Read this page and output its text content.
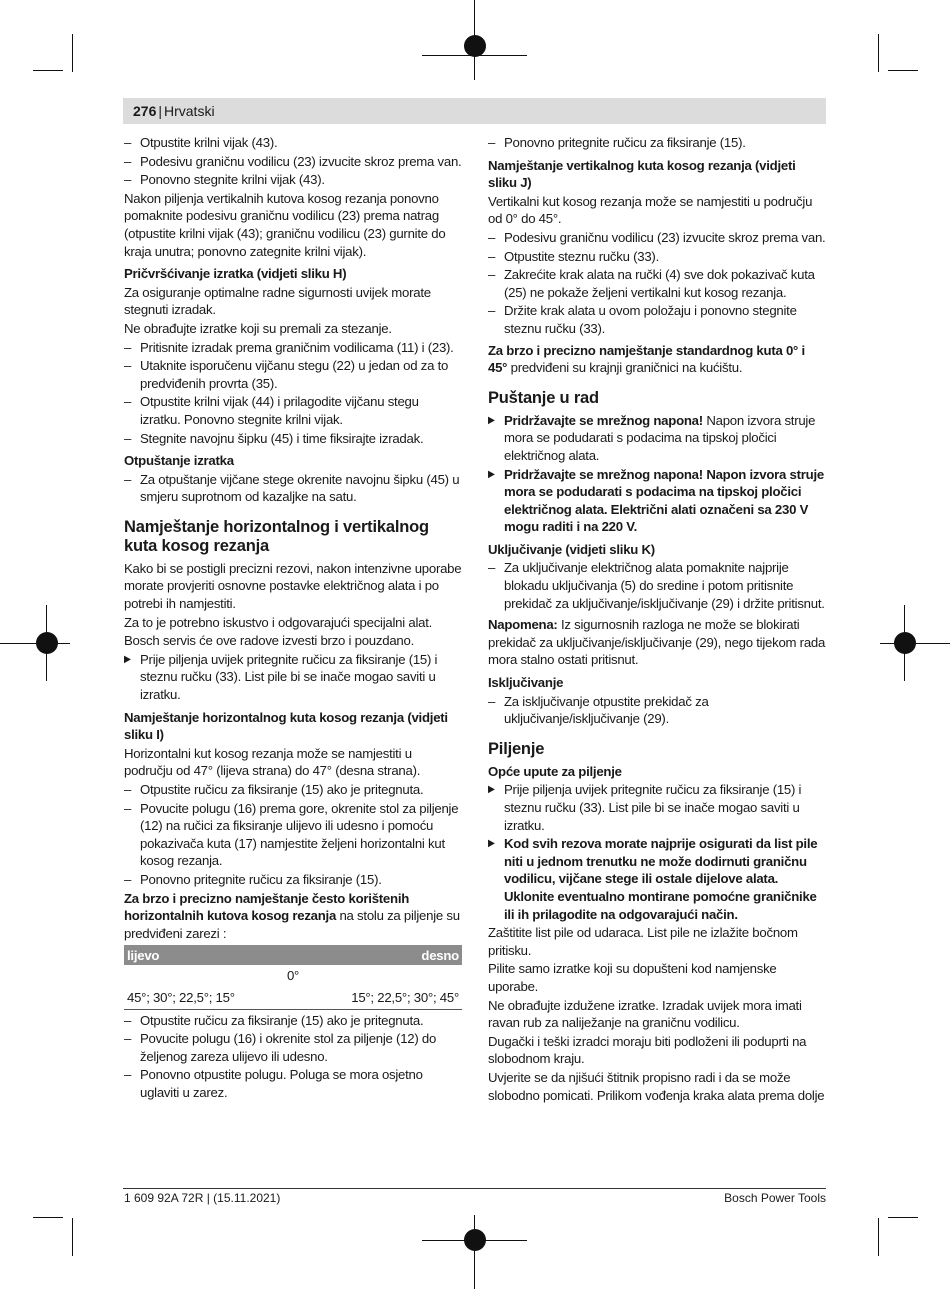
276 | Hrvatski

– Otpustite krilni vijak (43).

– Podesivu graničnu vodilicu (23) izvucite skroz prema van.

– Ponovno stegnite krilni vijak (43).

Nakon piljenja vertikalnih kutova kosog rezanja ponovno pomaknite podesivu graničnu vodilicu (23) prema natrag (otpustite krilni vijak (43); graničnu vodilicu (23) gurnite do kraja unutra; ponovno zategnite krilni vijak).

Pričvršćivanje izratka (vidjeti sliku H)

Za osiguranje optimalne radne sigurnosti uvijek morate stegnuti izradak.

Ne obrađujte izratke koji su premali za stezanje.

– Pritisnite izradak prema graničnim vodilicama (11) i (23).

– Utaknite isporučenu vijčanu stegu (22) u jedan od za to predviđenih provrta (35).

– Otpustite krilni vijak (44) i prilagodite vijčanu stegu izratku. Ponovno stegnite krilni vijak.

– Stegnite navojnu šipku (45) i time fiksirajte izradak.

Otpuštanje izratka

– Za otpuštanje vijčane stege okrenite navojnu šipku (45) u smjeru suprotnom od kazaljke na satu.

Namještanje horizontalnog i vertikalnog kuta kosog rezanja

Kako bi se postigli precizni rezovi, nakon intenzivne uporabe morate provjeriti osnovne postavke električnog alata i po potrebi ih namjestiti.

Za to je potrebno iskustvo i odgovarajući specijalni alat.

Bosch servis će ove radove izvesti brzo i pouzdano.

▶ Prije piljenja uvijek pritegnite ručicu za fiksiranje (15) i steznu ručku (33). List pile bi se inače mogao saviti u izratku.

Namještanje horizontalnog kuta kosog rezanja (vidjeti sliku I)

Horizontalni kut kosog rezanja može se namjestiti u području od 47° (lijeva strana) do 47° (desna strana).

– Otpustite ručicu za fiksiranje (15) ako je pritegnuta.

– Povucite polugu (16) prema gore, okrenite stol za piljenje (12) na ručici za fiksiranje ulijevo ili udesno i pomoću pokazivača kuta (17) namjestite željeni horizontalni kut kosog rezanja.

– Ponovno pritegnite ručicu za fiksiranje (15).

Za brzo i precizno namještanje često korištenih horizontalnih kutova kosog rezanja na stolu za piljenje su predviđeni zarezi :

lijevo	desno
0°	
45°; 30°; 22,5°; 15°	15°; 22,5°; 30°; 45°

– Otpustite ručicu za fiksiranje (15) ako je pritegnuta.

– Povucite polugu (16) i okrenite stol za piljenje (12) do željenog zareza ulijevo ili udesno.

– Ponovno otpustite polugu. Poluga se mora osjetno uglaviti u zarez.

– Ponovno pritegnite ručicu za fiksiranje (15).

Namještanje vertikalnog kuta kosog rezanja (vidjeti sliku J)

Vertikalni kut kosog rezanja može se namjestiti u području od 0° do 45°.

– Podesivu graničnu vodilicu (23) izvucite skroz prema van.

– Otpustite steznu ručku (33).

– Zakrećite krak alata na ručki (4) sve dok pokazivač kuta (25) ne pokaže željeni vertikalni kut kosog rezanja.

– Držite krak alata u ovom položaju i ponovno stegnite steznu ručku (33).

Za brzo i precizno namještanje standardnog kuta 0° i 45° predviđeni su krajnji graničnici na kućištu.

Puštanje u rad

▶ Pridržavajte se mrežnog napona! Napon izvora struje mora se podudarati s podacima na tipskoj pločici električnog alata.

▶ Pridržavajte se mrežnog napona! Napon izvora struje mora se podudarati s podacima na tipskoj pločici električnog alata. Električni alati označeni sa 230 V mogu raditi i na 220 V.

Uključivanje (vidjeti sliku K)

– Za uključivanje električnog alata pomaknite najprije blokadu uključivanja (5) do sredine i potom pritisnite prekidač za uključivanje/isključivanje (29) i držite pritisnut.

Napomena: Iz sigurnosnih razloga ne može se blokirati prekidač za uključivanje/isključivanje (29), nego tijekom rada mora stalno ostati pritisnut.

Isključivanje

– Za isključivanje otpustite prekidač za uključivanje/isključivanje (29).

Piljenje

Opće upute za piljenje

▶ Prije piljenja uvijek pritegnite ručicu za fiksiranje (15) i steznu ručku (33). List pile bi se inače mogao saviti u izratku.

▶ Kod svih rezova morate najprije osigurati da list pile niti u jednom trenutku ne može dodirnuti graničnu vodilicu, vijčane stege ili ostale dijelove alata. Uklonite eventualno montirane pomoćne graničnike ili ih prilagodite na odgovarajući način.

Zaštitite list pile od udaraca. List pile ne izlažite bočnom pritisku.

Pilite samo izratke koji su dopušteni kod namjenske uporabe.

Ne obrađujte izdužene izratke. Izradak uvijek mora imati ravan rub za naliježanje na graničnu vodilicu.

Dugački i teški izradci moraju biti podloženi ili poduprti na slobodnom kraju.

Uvjerite se da njišući štitnik propisno radi i da se može slobodno pomicati. Prilikom vođenja kraka alata prema dolje

1 609 92A 72R | (15.11.2021)	Bosch Power Tools
